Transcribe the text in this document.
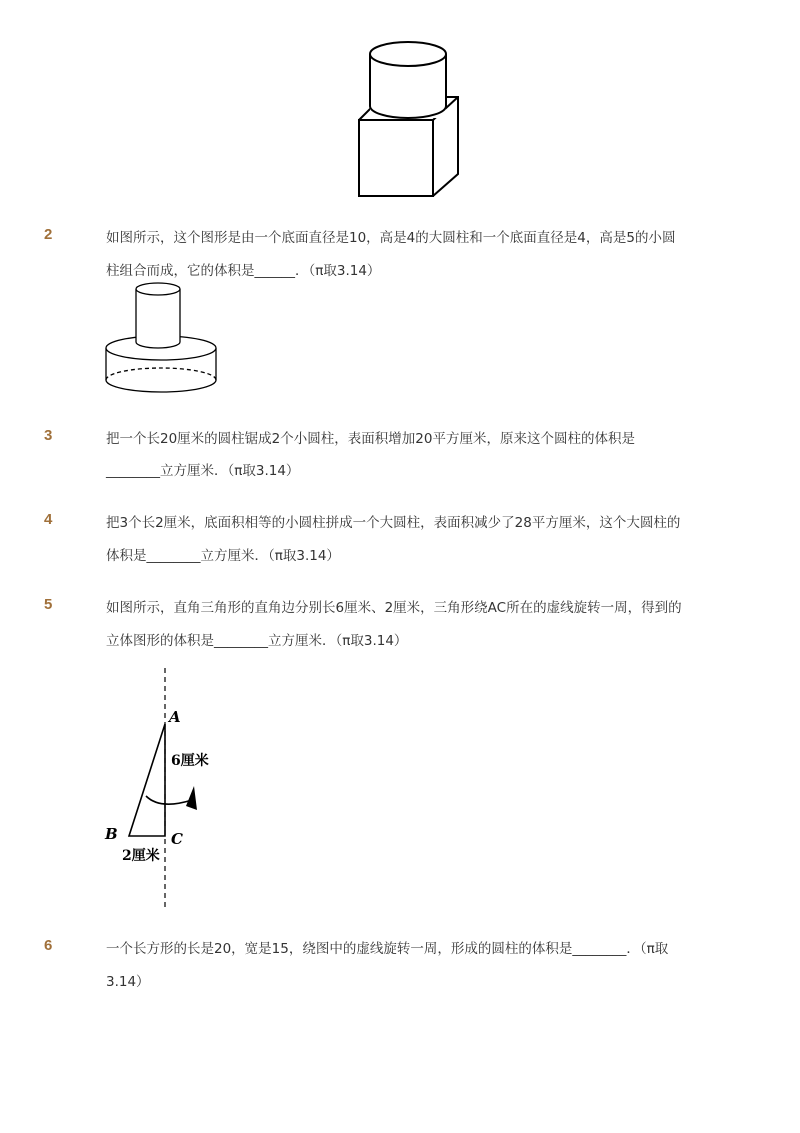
2	如图所示，这个图形是由一个底面直径是10，高是4的大圆柱和一个底面直径是4，高是5的小圆
柱组合而成，它的体积是______．（π取3.14）
3	把一个长20厘米的圆柱锯成2个小圆柱，表面积增加20平方厘米，原来这个圆柱的体积是
________立方厘米．（π取3.14）
4	把3个长2厘米，底面积相等的小圆柱拼成一个大圆柱，表面积减少了28平方厘米，这个大圆柱的
体积是________立方厘米．（π取3.14）
5	如图所示，直角三角形的直角边分别长6厘米、2厘米，三角形绕AC所在的虚线旋转一周，得到的
立体图形的体积是________立方厘米．（π取3.14）
A
B	C
6厘米
2厘米
6	一个长方形的长是20，宽是15，绕图中的虚线旋转一周，形成的圆柱的体积是________．（π取
3.14）
